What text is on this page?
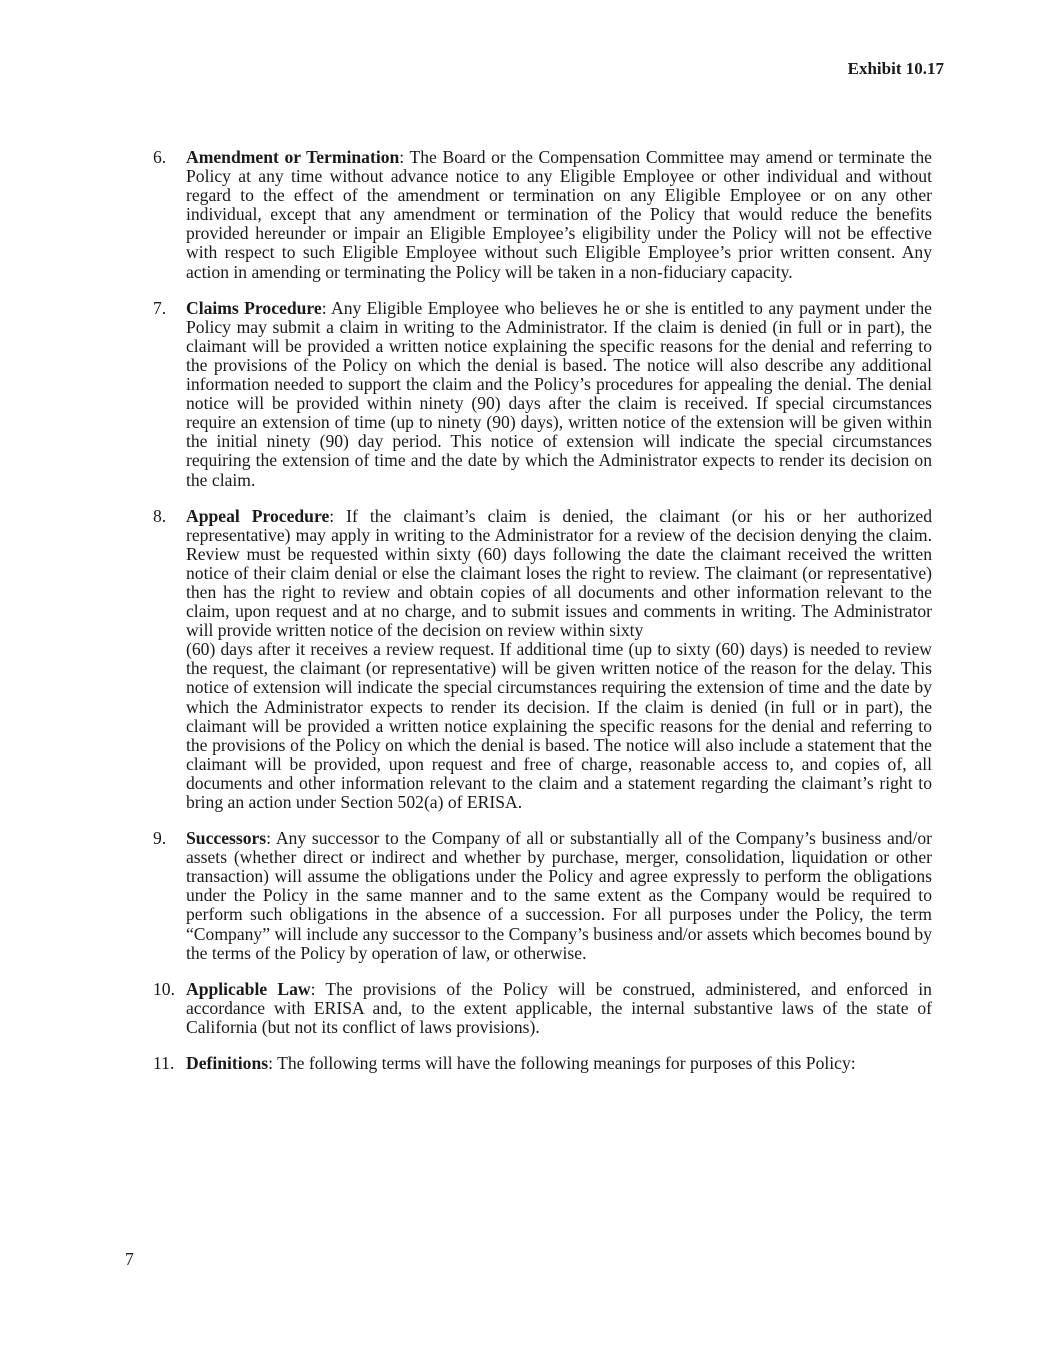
Exhibit 10.17
6.	Amendment or Termination: The Board or the Compensation Committee may amend or terminate the Policy at any time without advance notice to any Eligible Employee or other individual and without regard to the effect of the amendment or termination on any Eligible Employee or on any other individual, except that any amendment or termination of the Policy that would reduce the benefits provided hereunder or impair an Eligible Employee’s eligibility under the Policy will not be effective with respect to such Eligible Employee without such Eligible Employee’s prior written consent. Any action in amending or terminating the Policy will be taken in a non-fiduciary capacity.

7.	Claims Procedure: Any Eligible Employee who believes he or she is entitled to any payment under the Policy may submit a claim in writing to the Administrator. If the claim is denied (in full or in part), the claimant will be provided a written notice explaining the specific reasons for the denial and referring to the provisions of the Policy on which the denial is based. The notice will also describe any additional information needed to support the claim and the Policy’s procedures for appealing the denial. The denial notice will be provided within ninety (90) days after the claim is received. If special circumstances require an extension of time (up to ninety (90) days), written notice of the extension will be given within the initial ninety (90) day period. This notice of extension will indicate the special circumstances requiring the extension of time and the date by which the Administrator expects to render its decision on the claim.

8.	Appeal Procedure: If the claimant’s claim is denied, the claimant (or his or her authorized representative) may apply in writing to the Administrator for a review of the decision denying the claim. Review must be requested within sixty (60) days following the date the claimant received the written notice of their claim denial or else the claimant loses the right to review. The claimant (or representative) then has the right to review and obtain copies of all documents and other information relevant to the claim, upon request and at no charge, and to submit issues and comments in writing. The Administrator will provide written notice of the decision on review within sixty

(60) days after it receives a review request. If additional time (up to sixty (60) days) is needed to review the request, the claimant (or representative) will be given written notice of the reason for the delay. This notice of extension will indicate the special circumstances requiring the extension of time and the date by which the Administrator expects to render its decision. If the claim is denied (in full or in part), the claimant will be provided a written notice explaining the specific reasons for the denial and referring to the provisions of the Policy on which the denial is based. The notice will also include a statement that the claimant will be provided, upon request and free of charge, reasonable access to, and copies of, all documents and other information relevant to the claim and a statement regarding the claimant’s right to bring an action under Section 502(a) of ERISA.

9.	Successors: Any successor to the Company of all or substantially all of the Company’s business and/or assets (whether direct or indirect and whether by purchase, merger, consolidation, liquidation or other transaction) will assume the obligations under the Policy and agree expressly to perform the obligations under the Policy in the same manner and to the same extent as the Company would be required to perform such obligations in the absence of a succession. For all purposes under the Policy, the term “Company” will include any successor to the Company’s business and/or assets which becomes bound by the terms of the Policy by operation of law, or otherwise.

10. Applicable Law: The provisions of the Policy will be construed, administered, and enforced in accordance with ERISA and, to the extent applicable, the internal substantive laws of the state of California (but not its conflict of laws provisions).

11. Definitions: The following terms will have the following meanings for purposes of this Policy:

7
